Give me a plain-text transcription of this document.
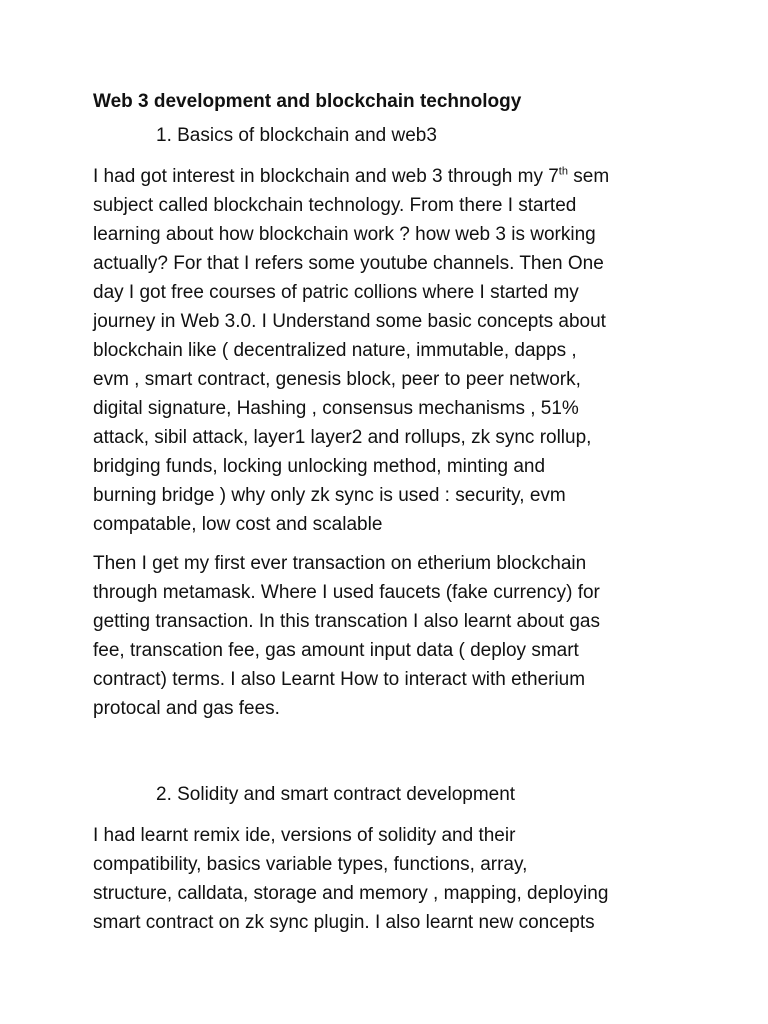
Web 3 development and blockchain technology
1. Basics of blockchain and web3
I had got interest in blockchain and web 3 through my 7th sem
subject called blockchain technology. From there I started
learning about how blockchain work ? how web 3 is working
actually? For that I refers some youtube channels. Then One
day I got free courses of patric collions where I started my
journey in Web 3.0. I Understand some basic concepts about
blockchain like ( decentralized nature, immutable, dapps ,
evm , smart contract, genesis block, peer to peer network,
digital signature, Hashing , consensus mechanisms , 51%
attack, sibil attack, layer1 layer2 and rollups, zk sync rollup,
bridging funds, locking unlocking method, minting and
burning bridge ) why only zk sync is used : security, evm
compatable, low cost and scalable
Then I get my first ever transaction on etherium blockchain
through metamask. Where I used faucets (fake currency) for
getting transaction. In this transcation I also learnt about gas
fee, transcation fee, gas amount input data ( deploy smart
contract) terms. I also Learnt How to interact with etherium
protocal and gas fees.
2. Solidity and smart contract development
I had learnt remix ide, versions of solidity and their
compatibility, basics variable types, functions, array,
structure, calldata, storage and memory , mapping, deploying
smart contract on zk sync plugin. I also learnt new concepts
